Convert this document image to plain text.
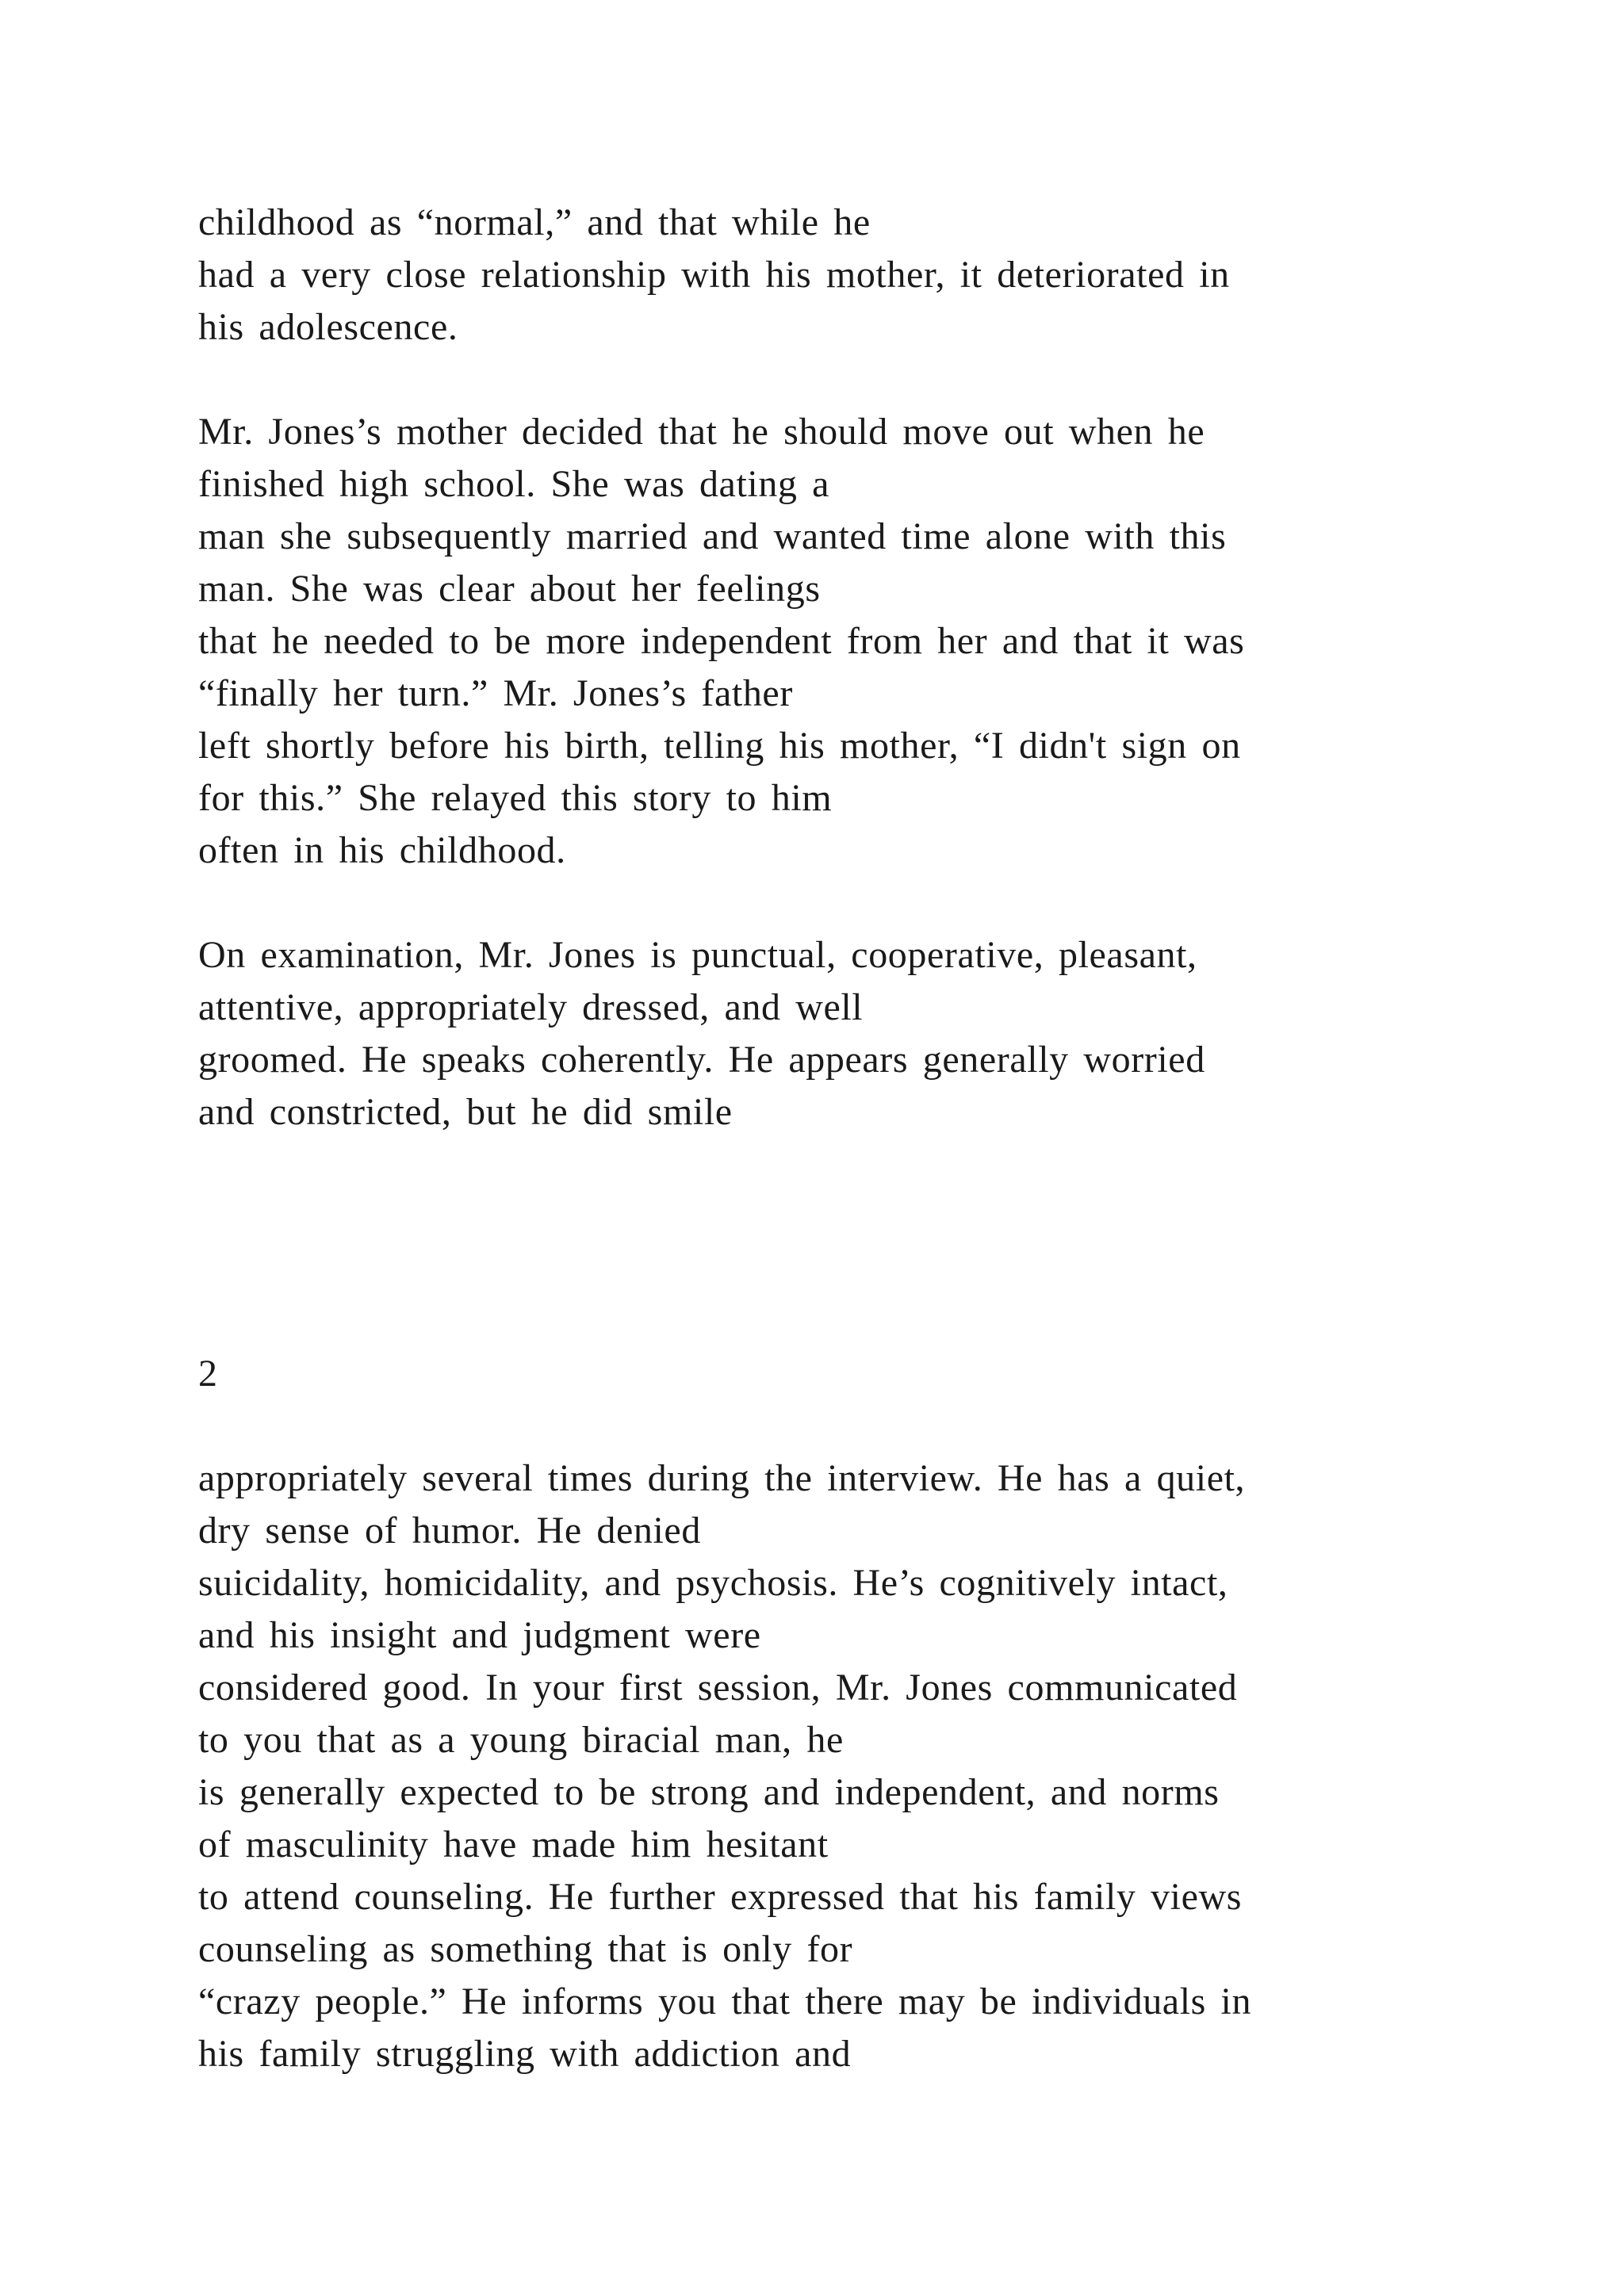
childhood as “normal,” and that while he

had a very close relationship with his mother, it deteriorated in

his adolescence.

Mr. Jones’s mother decided that he should move out when he

finished high school. She was dating a

man she subsequently married and wanted time alone with this

man. She was clear about her feelings

that he needed to be more independent from her and that it was

“finally her turn.” Mr. Jones’s father

left shortly before his birth, telling his mother, “I didn't sign on

for this.” She relayed this story to him

often in his childhood.

On examination, Mr. Jones is punctual, cooperative, pleasant,

attentive, appropriately dressed, and well

groomed. He speaks coherently. He appears generally worried

and constricted, but he did smile

2

appropriately several times during the interview. He has a quiet,

dry sense of humor. He denied

suicidality, homicidality, and psychosis. He’s cognitively intact,

and his insight and judgment were

considered good. In your first session, Mr. Jones communicated

to you that as a young biracial man, he

is generally expected to be strong and independent, and norms

of masculinity have made him hesitant

to attend counseling. He further expressed that his family views

counseling as something that is only for

“crazy people.” He informs you that there may be individuals in

his family struggling with addiction and
